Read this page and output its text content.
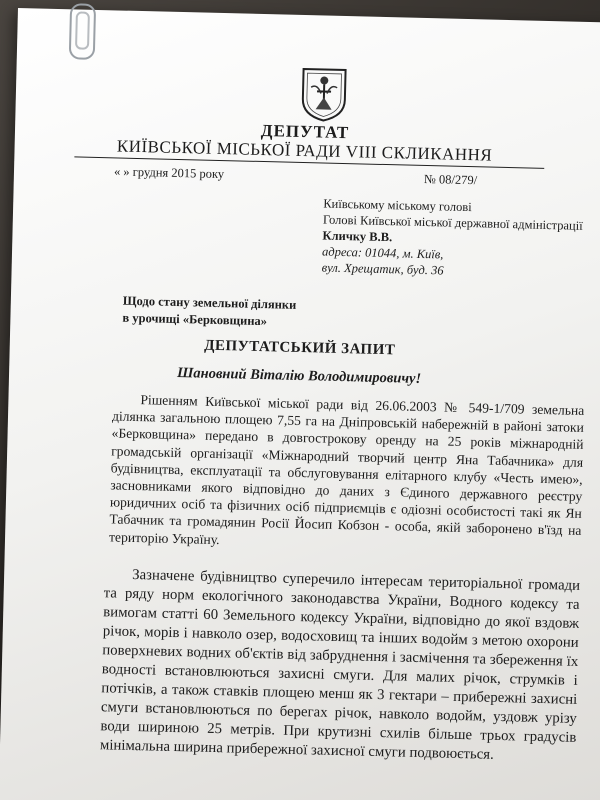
ДЕПУТАТ
КИЇВСЬКОЇ МІСЬКОЇ РАДИ VIII СКЛИКАННЯ
« » грудня 2015 року	№ 08/279/
Київському міському голові
Голові Київської міської державної адміністрації
Кличку В.В.
адреса: 01044, м. Київ,
вул. Хрещатик, буд. 36
Щодо стану земельної ділянки
в урочищі «Берковщина»
ДЕПУТАТСЬКИЙ ЗАПИТ
Шановний Віталію Володимировичу!

Рішенням Київської міської ради від 26.06.2003 № 549-1/709 земельна ділянка загальною площею 7,55 га на Дніпровській набережній в районі затоки «Берковщина» передано в довгострокову оренду на 25 років міжнародній громадській організації «Міжнародний творчий центр Яна Табачника» для будівництва, експлуатації та обслуговування елітарного клубу «Честь имею», засновниками якого відповідно до даних з Єдиного державного реєстру юридичних осіб та фізичних осіб підприємців є одіозні особистості такі як Ян Табачник та громадянин Росії Йосип Кобзон - особа, якій заборонено в'їзд на територію Україну.

Зазначене будівництво суперечило інтересам територіальної громади та ряду норм екологічного законодавства України, Водного кодексу та вимогам статті 60 Земельного кодексу України, відповідно до якої вздовж річок, морів і навколо озер, водосховищ та інших водойм з метою охорони поверхневих водних об'єктів від забруднення і засмічення та збереження їх водності встановлюються захисні смуги. Для малих річок, струмків і потічків, а також ставків площею менш як 3 гектари – прибережні захисні смуги встановлюються по берегах річок, навколо водойм, уздовж урізу води шириною 25 метрів. При крутизні схилів більше трьох градусів мінімальна ширина прибережної захисної смуги подвоюється.
